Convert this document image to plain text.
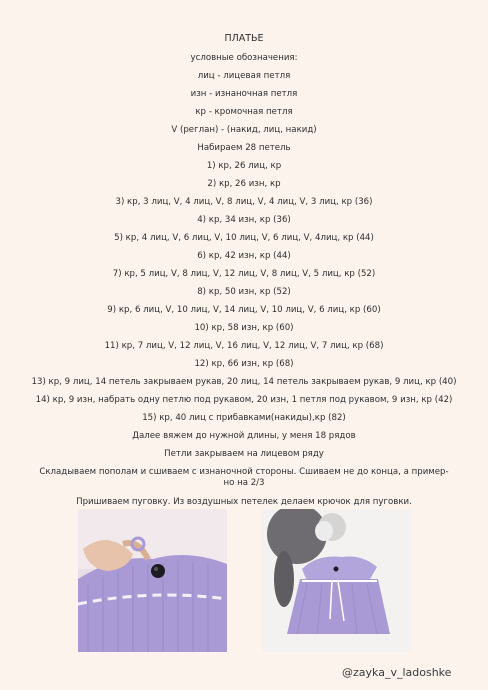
ПЛАТЬЕ
условные обозначения:
лиц - лицевая петля
изн - изнаночная петля
кр - кромочная петля
V (реглан) - (накид, лиц, накид)
Набираем 28 петель
1) кр, 26 лиц, кр
2) кр, 26 изн, кр
3) кр, 3 лиц, V, 4 лиц, V, 8 лиц, V, 4 лиц, V, 3 лиц, кр (36)
4) кр, 34 изн, кр (36)
5) кр, 4 лиц, V, 6 лиц, V, 10 лиц, V, 6 лиц, V, 4лиц, кр (44)
6) кр, 42 изн, кр (44)
7) кр, 5 лиц, V, 8 лиц, V, 12 лиц, V, 8 лиц, V, 5 лиц, кр (52)
8) кр, 50 изн, кр (52)
9) кр, 6 лиц, V, 10 лиц, V, 14 лиц, V, 10 лиц, V, 6 лиц, кр (60)
10) кр, 58 изн, кр (60)
11) кр, 7 лиц, V, 12 лиц, V, 16 лиц, V, 12 лиц, V, 7 лиц, кр (68)
12) кр, 66 изн, кр (68)
13) кр, 9 лиц, 14 петель закрываем рукав, 20 лиц, 14 петель закрываем рукав, 9 лиц, кр (40)
14) кр, 9 изн, набрать одну петлю под рукавом, 20 изн, 1 петля под рукавом, 9 изн, кр (42)
15) кр, 40 лиц с прибавками(накиды),кр (82)
Далее вяжем до нужной длины, у меня 18 рядов
Петли закрываем на лицевом ряду
Складываем пополам и сшиваем с изнаночной стороны. Сшиваем не до конца, а пример-но на 2/3
Пришиваем пуговку. Из воздушных петелек делаем крючок для пуговки.
@zayka_v_ladoshke
